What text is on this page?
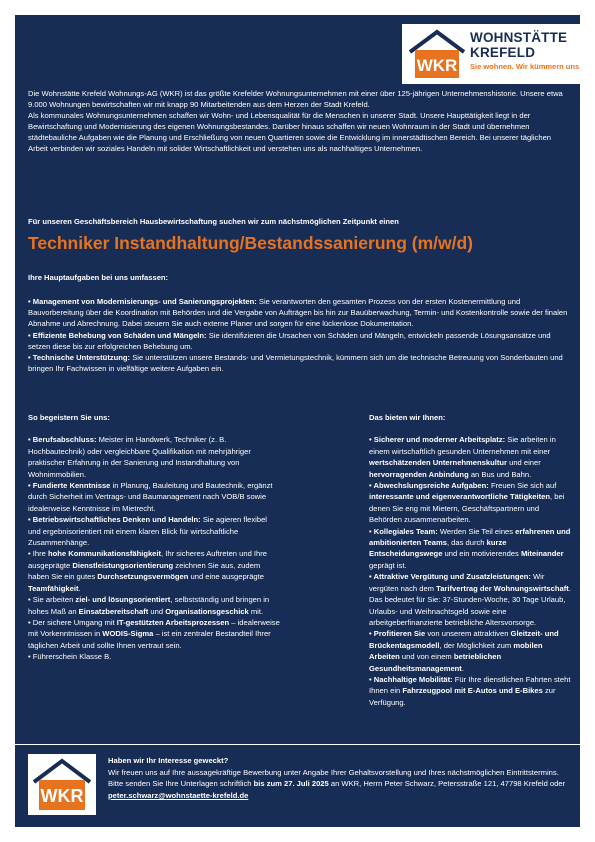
WKR
WOHNSTÄTTE
KREFELD
Sie wohnen. Wir kümmern uns

Die Wohnstätte Krefeld Wohnungs-AG (WKR) ist das größte Krefelder Wohnungsunternehmen mit einer über 125-jährigen Unternehmenshistorie. Unsere etwa 9.000 Wohnungen bewirtschaften wir mit knapp 90 Mitarbeitenden aus dem Herzen der Stadt Krefeld.

Als kommunales Wohnungsunternehmen schaffen wir Wohn- und Lebensqualität für die Menschen in unserer Stadt. Unsere Haupttätigkeit liegt in der Bewirtschaftung und Modernisierung des eigenen Wohnungsbestandes. Darüber hinaus schaffen wir neuen Wohnraum in der Stadt und übernehmen städtebauliche Aufgaben wie die Planung und Erschließung von neuen Quartieren sowie die Entwicklung im innerstädtischen Bereich. Bei unserer täglichen Arbeit verbinden wir soziales Handeln mit solider Wirtschaftlichkeit und verstehen uns als nachhaltiges Unternehmen.

Für unseren Geschäftsbereich Hausbewirtschaftung suchen wir zum nächstmöglichen Zeitpunkt einen
Techniker Instandhaltung/Bestandssanierung (m/w/d)
Ihre Hauptaufgaben bei uns umfassen:

• Management von Modernisierungs- und Sanierungsprojekten: Sie verantworten den gesamten Prozess von der ersten Kostenermittlung und Bauvorbereitung über die Koordination mit Behörden und die Vergabe von Aufträgen bis hin zur Bauüberwachung, Termin- und Kostenkontrolle sowie der finalen Abnahme und Abrechnung. Dabei steuern Sie auch externe Planer und sorgen für eine lückenlose Dokumentation.

• Effiziente Behebung von Schäden und Mängeln: Sie identifizieren die Ursachen von Schäden und Mängeln, entwickeln passende Lösungsansätze und setzen diese bis zur erfolgreichen Behebung um.

• Technische Unterstützung: Sie unterstützen unsere Bestands- und Vermietungstechnik, kümmern sich um die technische Betreuung von Sonderbauten und bringen Ihr Fachwissen in vielfältige weitere Aufgaben ein.

So begeistern Sie uns:

• Berufsabschluss: Meister im Handwerk, Techniker (z. B. Hochbautechnik) oder vergleichbare Qualifikation mit mehrjähriger praktischer Erfahrung in der Sanierung und Instandhaltung von Wohnimmobilien.

• Fundierte Kenntnisse in Planung, Bauleitung und Bautechnik, ergänzt durch Sicherheit im Vertrags- und Baumanagement nach VOB/B sowie idealerweise Kenntnisse im Mietrecht.

• Betriebswirtschaftliches Denken und Handeln: Sie agieren flexibel und ergebnisorientiert mit einem klaren Blick für wirtschaftliche Zusammenhänge.

• Ihre hohe Kommunikationsfähigkeit, Ihr sicheres Auftreten und Ihre ausgeprägte Dienstleistungsorientierung zeichnen Sie aus, zudem haben Sie ein gutes Durchsetzungsvermögen und eine ausgeprägte Teamfähigkeit.

• Sie arbeiten ziel- und lösungsorientiert, selbstständig und bringen in hohes Maß an Einsatzbereitschaft und Organisationsgeschick mit.

• Der sichere Umgang mit IT-gestützten Arbeitsprozessen – idealerweise mit Vorkenntnissen in WODIS-Sigma – ist ein zentraler Bestandteil Ihrer täglichen Arbeit und sollte Ihnen vertraut sein.

• Führerschein Klasse B.

Das bieten wir Ihnen:

• Sicherer und moderner Arbeitsplatz: Sie arbeiten in einem wirtschaftlich gesunden Unternehmen mit einer wertschätzenden Unternehmenskultur und einer hervorragenden Anbindung an Bus und Bahn.

• Abwechslungsreiche Aufgaben: Freuen Sie sich auf interessante und eigenverantwortliche Tätigkeiten, bei denen Sie eng mit Mietern, Geschäftspartnern und Behörden zusammenarbeiten.

• Kollegiales Team: Werden Sie Teil eines erfahrenen und ambitionierten Teams, das durch kurze Entscheidungswege und ein motivierendes Miteinander geprägt ist.

• Attraktive Vergütung und Zusatzleistungen: Wir vergüten nach dem Tarifvertrag der Wohnungswirtschaft. Das bedeutet für Sie: 37-Stunden-Woche, 30 Tage Urlaub, Urlaubs- und Weihnachtsgeld sowie eine arbeitgeberfinanzierte betriebliche Altersvorsorge.

• Profitieren Sie von unserem attraktiven Gleitzeit- und Brückentagsmodell, der Möglichkeit zum mobilen Arbeiten und von einem betrieblichen Gesundheitsmanagement.

• Nachhaltige Mobilität: Für Ihre dienstlichen Fahrten steht Ihnen ein Fahrzeugpool mit E-Autos und E-Bikes zur Verfügung.

WKR

Haben wir Ihr Interesse geweckt?

Wir freuen uns auf Ihre aussagekräftige Bewerbung unter Angabe Ihrer Gehaltsvorstellung und Ihres nächstmöglichen Eintrittstermins. Bitte senden Sie Ihre Unterlagen schriftlich bis zum 27. Juli 2025 an WKR, Herrn Peter Schwarz, Petersstraße 121, 47798 Krefeld oder peter.schwarz@wohnstaette-krefeld.de
